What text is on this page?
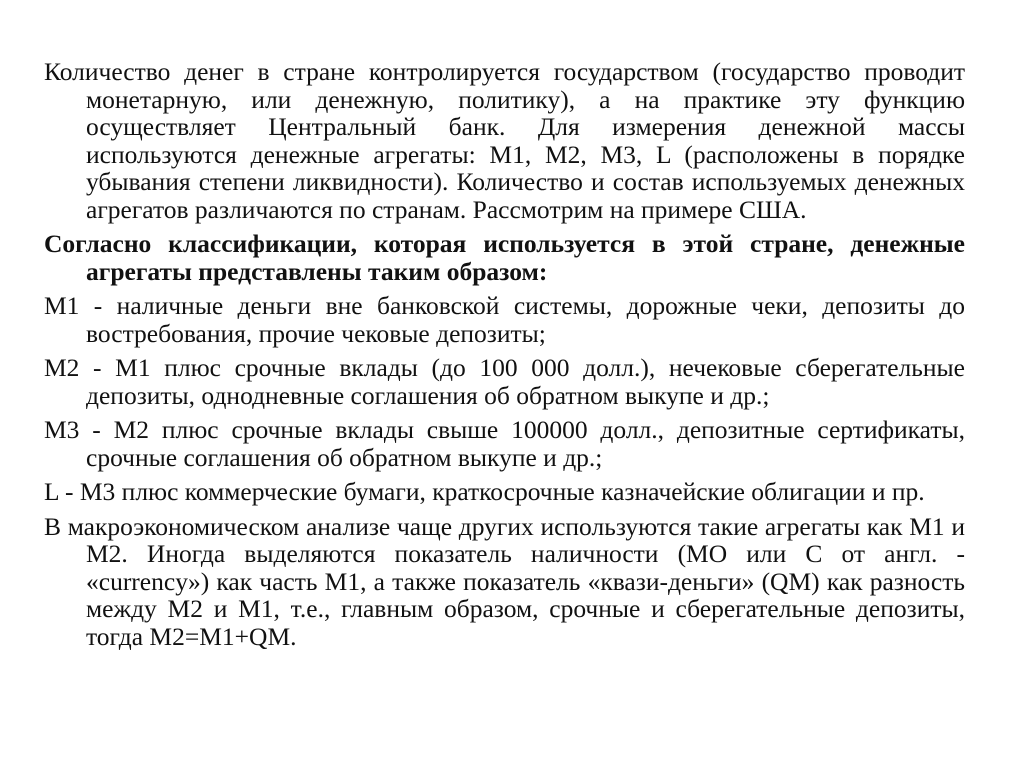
Количество денег в стране контролируется государством (государство проводит монетарную, или денежную, политику), а на практике эту функцию осуществляет Центральный банк. Для измерения денежной массы используются денежные агрегаты: М1, М2, М3, L (расположены в порядке убывания степени ликвидности). Количество и состав используемых денежных агрегатов различаются по странам. Рассмотрим на примере США.

Согласно классификации, которая используется в этой стране, денежные агрегаты представлены таким образом:

М1 - наличные деньги вне банковской системы, дорожные чеки, депозиты до востребования, прочие чековые депозиты;

М2 - М1 плюс срочные вклады (до 100 000 долл.), нечековые сберегательные депозиты, однодневные соглашения об обратном выкупе и др.;

М3 - М2 плюс срочные вклады свыше 100000 долл., депозитные сертификаты, срочные соглашения об обратном выкупе и др.;

L - М3 плюс коммерческие бумаги, краткосрочные казначейские облигации и пр.

В макроэкономическом анализе чаще других используются такие агрегаты как М1 и М2. Иногда выделяются показатель наличности (МО или С от англ. - «currency») как часть М1, а также показатель «квази-деньги» (QM) как разность между М2 и М1, т.е., главным образом, срочные и сберегательные депозиты, тогда М2=М1+QM.
